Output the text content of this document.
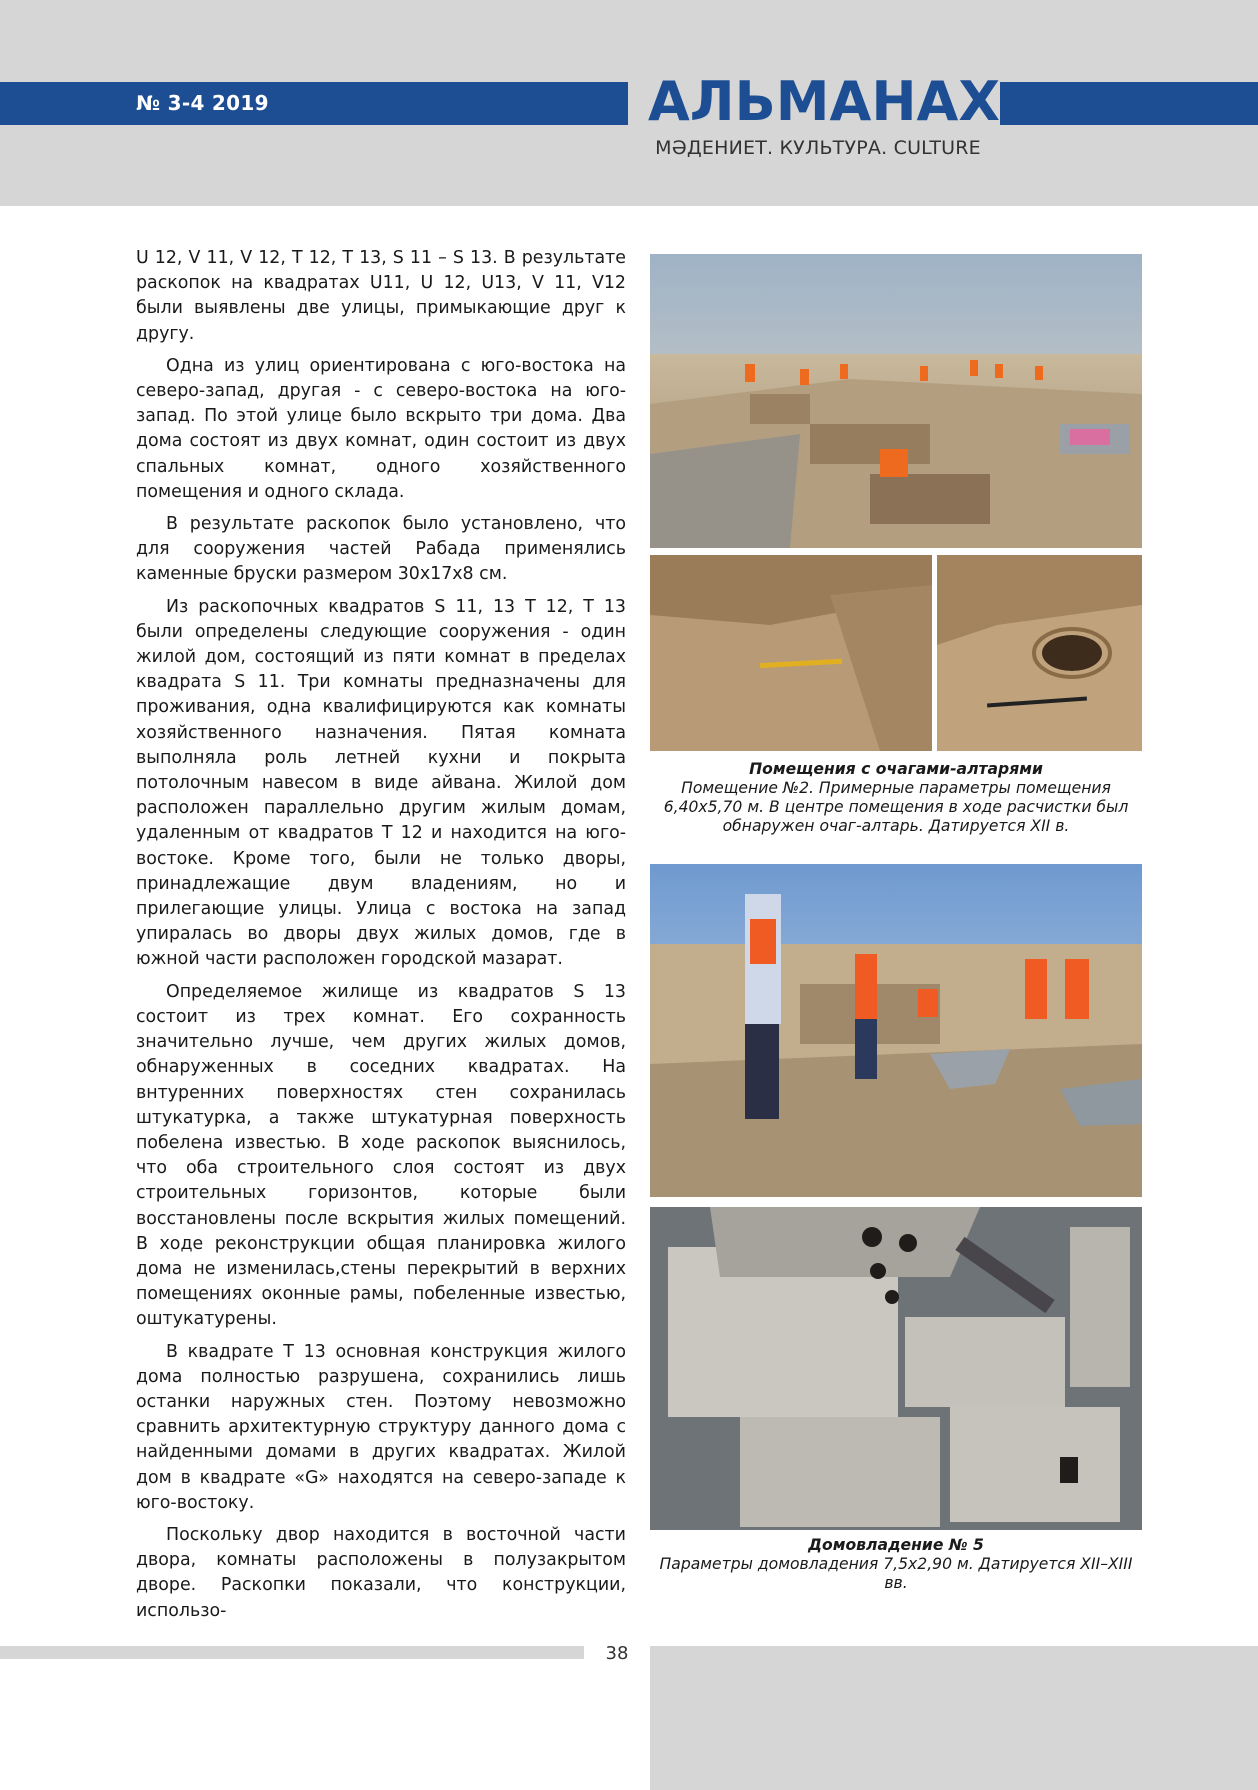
№ 3-4 2019	АЛЬМАНАХ
МӘДЕНИЕТ. КУЛЬТУРА. CULTURE

U 12, V 11, V 12, T 12, T 13, S 11 – S 13. В результате раскопок на квадратах U11, U 12, U13, V 11, V12 были выявлены две улицы, примыкающие друг к другу.

Одна из улиц ориентирована с юго-востока на северо-запад, другая - с северо-востока на юго-запад. По этой улице было вскрыто три дома. Два дома состоят из двух комнат, один состоит из двух спальных комнат, одного хозяйственного помещения и одного склада.

В результате раскопок было установлено, что для сооружения частей Рабада применялись каменные бруски размером 30x17x8 см.

Из раскопочных квадратов S 11, 13 T 12, T 13 были определены следующие сооружения - один жилой дом, состоящий из пяти комнат в пределах квадрата S 11. Три комнаты предназначены для проживания, одна квалифицируются как комнаты хозяйственного назначения. Пятая комната выполняла роль летней кухни и покрыта потолочным навесом в виде айвана. Жилой дом расположен параллельно другим жилым домам, удаленным от квадратов T 12 и находится на юго-востоке. Кроме того, были не только дворы, принадлежащие двум владениям, но и прилегающие улицы. Улица с востока на запад упиралась во дворы двух жилых домов, где в южной части расположен городской мазарат.

Определяемое жилище из квадратов S 13 состоит из трех комнат. Его сохранность значительно лучше, чем других жилых домов, обнаруженных в соседних квадратах. На внтуренних поверхностях стен сохранилась штукатурка, а также штукатурная поверхность побелена известью. В ходе раскопок выяснилось, что оба строительного слоя состоят из двух строительных горизонтов, которые были восстановлены после вскрытия жилых помещений. В ходе реконструкции общая планировка жилого дома не изменилась,стены перекрытий в верхних помещениях оконные рамы, побеленные известью, оштукатурены.

В квадрате T 13 основная конструкция жилого дома полностью разрушена, сохранились лишь останки наружных стен. Поэтому невозможно сравнить архитектурную структуру данного дома с найденными домами в других квадратах. Жилой дом в квадрате «G» находятся на северо-западе к юго-востоку.

Поскольку двор находится в восточной части двора, комнаты расположены в полузакрытом дворе. Раскопки показали, что конструкции, использо-

Помещения с очагами-алтарями
Помещение №2. Примерные параметры помещения 6,40x5,70 м. В центре помещения в ходе расчистки был обнаружен очаг-алтарь. Датируется XII в.
Домовладение № 5
Параметры домовладения 7,5x2,90 м. Датируется XII–XIII вв.
38
